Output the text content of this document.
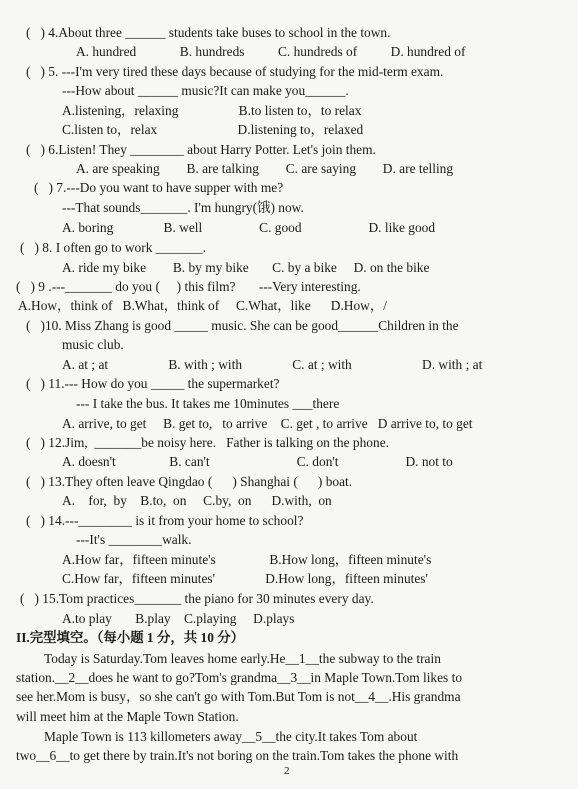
(   ) 4.About three ______ students take buses to school in the town.
A. hundred             B. hundreds          C. hundreds of          D. hundred of
(   ) 5. ---I'm very tired these days because of studying for the mid-term exam.
---How about ______ music?It can make you______.
A.listening，relaxing                  B.to listen to，to relax
C.listen to，relax                        D.listening to，relaxed
(   ) 6.Listen! They ________ about Harry Potter. Let's join them.
A. are speaking        B. are talking        C. are saying        D. are telling
(   ) 7.---Do you want to have supper with me?
---That sounds_______. I'm hungry(饿) now.
A. boring               B. well                 C. good                    D. like good
(   ) 8. I often go to work _______.
A. ride my bike        B. by my bike       C. by a bike     D. on the bike
(   ) 9 .---_______ do you (     ) this film?       ---Very interesting.
A.How，think of   B.What，think of     C.What，like      D.How，/
(   )10. Miss Zhang is good _____ music. She can be good______Children in the
music club.
A. at ; at                  B. with ; with               C. at ; with                     D. with ; at
(   ) 11.--- How do you _____ the supermarket?
--- I take the bus. It takes me 10minutes ___there
A. arrive, to get     B. get to,   to arrive    C. get , to arrive   D arrive to, to get
(   ) 12.Jim,  _______be noisy here.   Father is talking on the phone.
A. doesn't                B. can't                          C. don't                    D. not to
(   ) 13.They often leave Qingdao (      ) Shanghai (      ) boat.
A.    for,  by    B.to,  on     C.by,  on      D.with,  on
(   ) 14.---________ is it from your home to school?
---It's ________walk.
A.How far，fifteen minute's                B.How long，fifteen minute's
C.How far，fifteen minutes'               D.How long，fifteen minutes'
(   ) 15.Tom practices_______ the piano for 30 minutes every day.
A.to play       B.play    C.playing     D.plays
II.完型填空。（每小题 1 分，共 10 分）
Today is Saturday.Tom leaves home early.He__1__the subway to the train
station.__2__does he want to go?Tom's grandma__3__in Maple Town.Tom likes to
see her.Mom is busy，so she can't go with Tom.But Tom is not__4__.His grandma
will meet him at the Maple Town Station.
Maple Town is 113 killometers away__5__the city.It takes Tom about
two__6__to get there by train.It's not boring on the train.Tom takes the phone with
2
